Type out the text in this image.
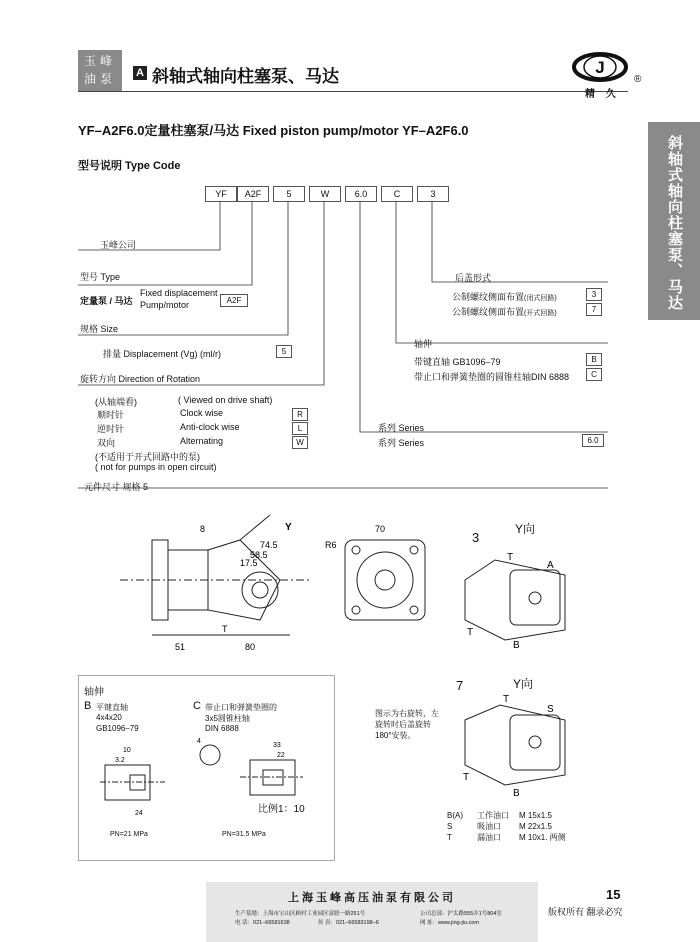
玉峰
油泵	A 斜轴式轴向柱塞泵、马达	J
®
精 久
斜轴式轴向柱塞泵、马达
YF–A2F6.0定量柱塞泵/马达 Fixed piston pump/motor YF–A2F6.0
型号说明 Type Code
YF	A2F	5	W	6.0	C	3
玉峰公司
型号 Type
定量泵 / 马达
Fixed displacement
Pump/motor	A2F
规格 Size
排量 Displacement (Vg) (ml/r)	5
旋转方向 Direction of Rotation
(从轴端看)	( Viewed on drive shaft)
顺时针	Clock wise	R
逆时针	Anti-clock wise	L
双向	Alternating	W
(不适用于开式回路中的泵)
( not for pumps in open circuit)
元件尺寸 规格 5
后盖形式
公制螺纹侧面布置(闭式回路)	3
公制螺纹侧面布置(开式回路)	7
轴伸
带键直轴 GB1096–79	B
带止口和弹簧垫圈的圆锥柱轴DIN 6888	C
系列 Series
系列 Series	6.0
51	80
8
74.5
58.5
17.5
T
Y	70
R6	3
Y向
T
A
T
B
7	Y向
T
S
T
B
图示为右旋转，左旋转时后盖旋转180°安装。
B(A) 工作油口 M 15x1.5
S	吸油口 M 22x1.5
T	漏油口 M 10x1. 两侧
轴伸
B 平键直轴
4x4x20
GB1096–79
C 带止口和弹簧垫圈的
3x5圆锥柱轴
DIN 6888
10
3.2
24
4
33
22
比例1：10
PN=21 MPa	PN=31.5 MPa
上海玉峰高压油泵有限公司
生产基地：上海市宝山区顾村工业园区富联一路251号
电 话：021–66581638	传 真：021–66583198–6
公司总部：沪太路555弄1号804室
网 址：www.jing-jiu.com
15
版权所有 翻录必究
